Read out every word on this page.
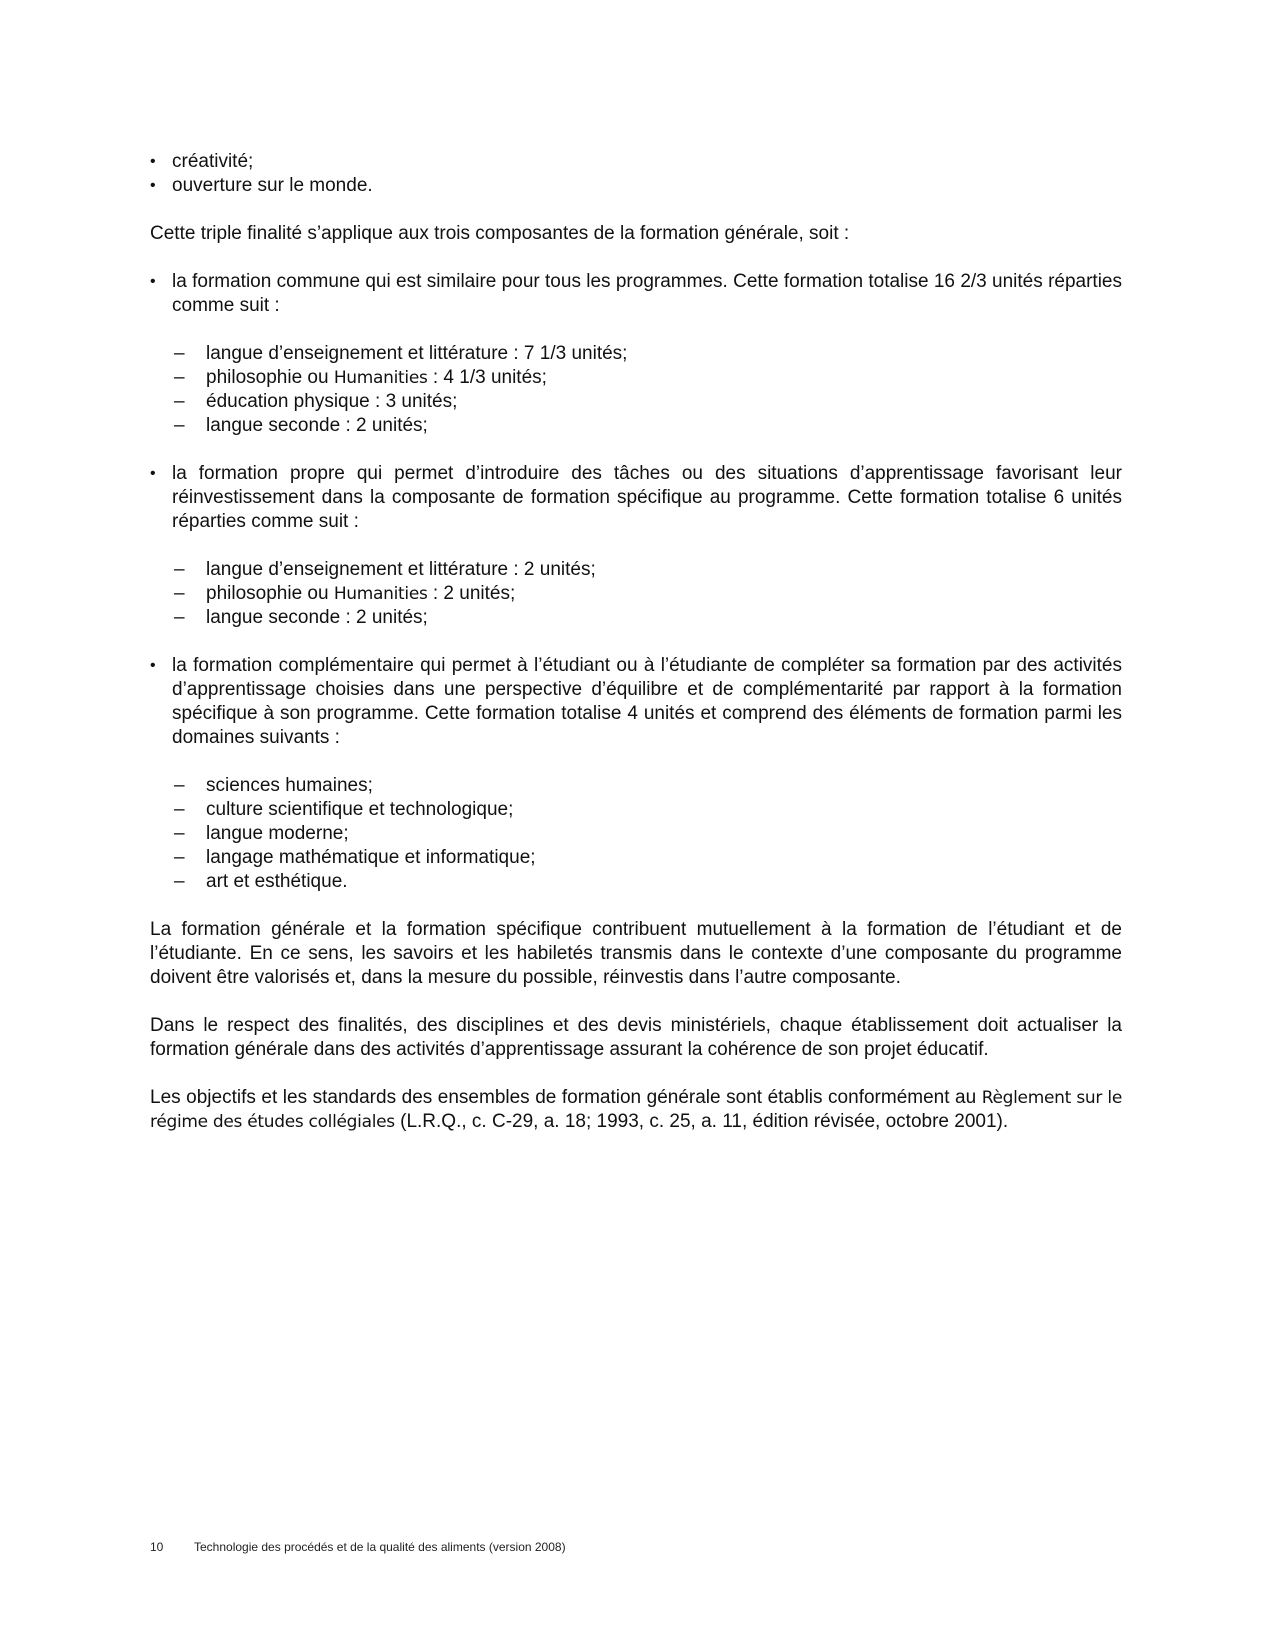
• créativité;
• ouverture sur le monde.
Cette triple finalité s’applique aux trois composantes de la formation générale, soit :
• la formation commune qui est similaire pour tous les programmes. Cette formation totalise 16 2/3 unités réparties comme suit :
– langue d’enseignement et littérature : 7 1/3 unités;
– philosophie ou Humanities : 4 1/3 unités;
– éducation physique : 3 unités;
– langue seconde : 2 unités;
• la formation propre qui permet d’introduire des tâches ou des situations d’apprentissage favorisant leur réinvestissement dans la composante de formation spécifique au programme. Cette formation totalise 6 unités réparties comme suit :
– langue d’enseignement et littérature : 2 unités;
– philosophie ou Humanities : 2 unités;
– langue seconde : 2 unités;
• la formation complémentaire qui permet à l’étudiant ou à l’étudiante de compléter sa formation par des activités d’apprentissage choisies dans une perspective d’équilibre et de complémentarité par rapport à la formation spécifique à son programme. Cette formation totalise 4 unités et comprend des éléments de formation parmi les domaines suivants :
– sciences humaines;
– culture scientifique et technologique;
– langue moderne;
– langage mathématique et informatique;
– art et esthétique.
La formation générale et la formation spécifique contribuent mutuellement à la formation de l’étudiant et de l’étudiante. En ce sens, les savoirs et les habiletés transmis dans le contexte d’une composante du programme doivent être valorisés et, dans la mesure du possible, réinvestis dans l’autre composante.
Dans le respect des finalités, des disciplines et des devis ministériels, chaque établissement doit actualiser la formation générale dans des activités d’apprentissage assurant la cohérence de son projet éducatif.
Les objectifs et les standards des ensembles de formation générale sont établis conformément au Règlement sur le régime des études collégiales (L.R.Q., c. C-29, a. 18; 1993, c. 25, a. 11, édition révisée, octobre 2001).
10	Technologie des procédés et de la qualité des aliments (version 2008)
